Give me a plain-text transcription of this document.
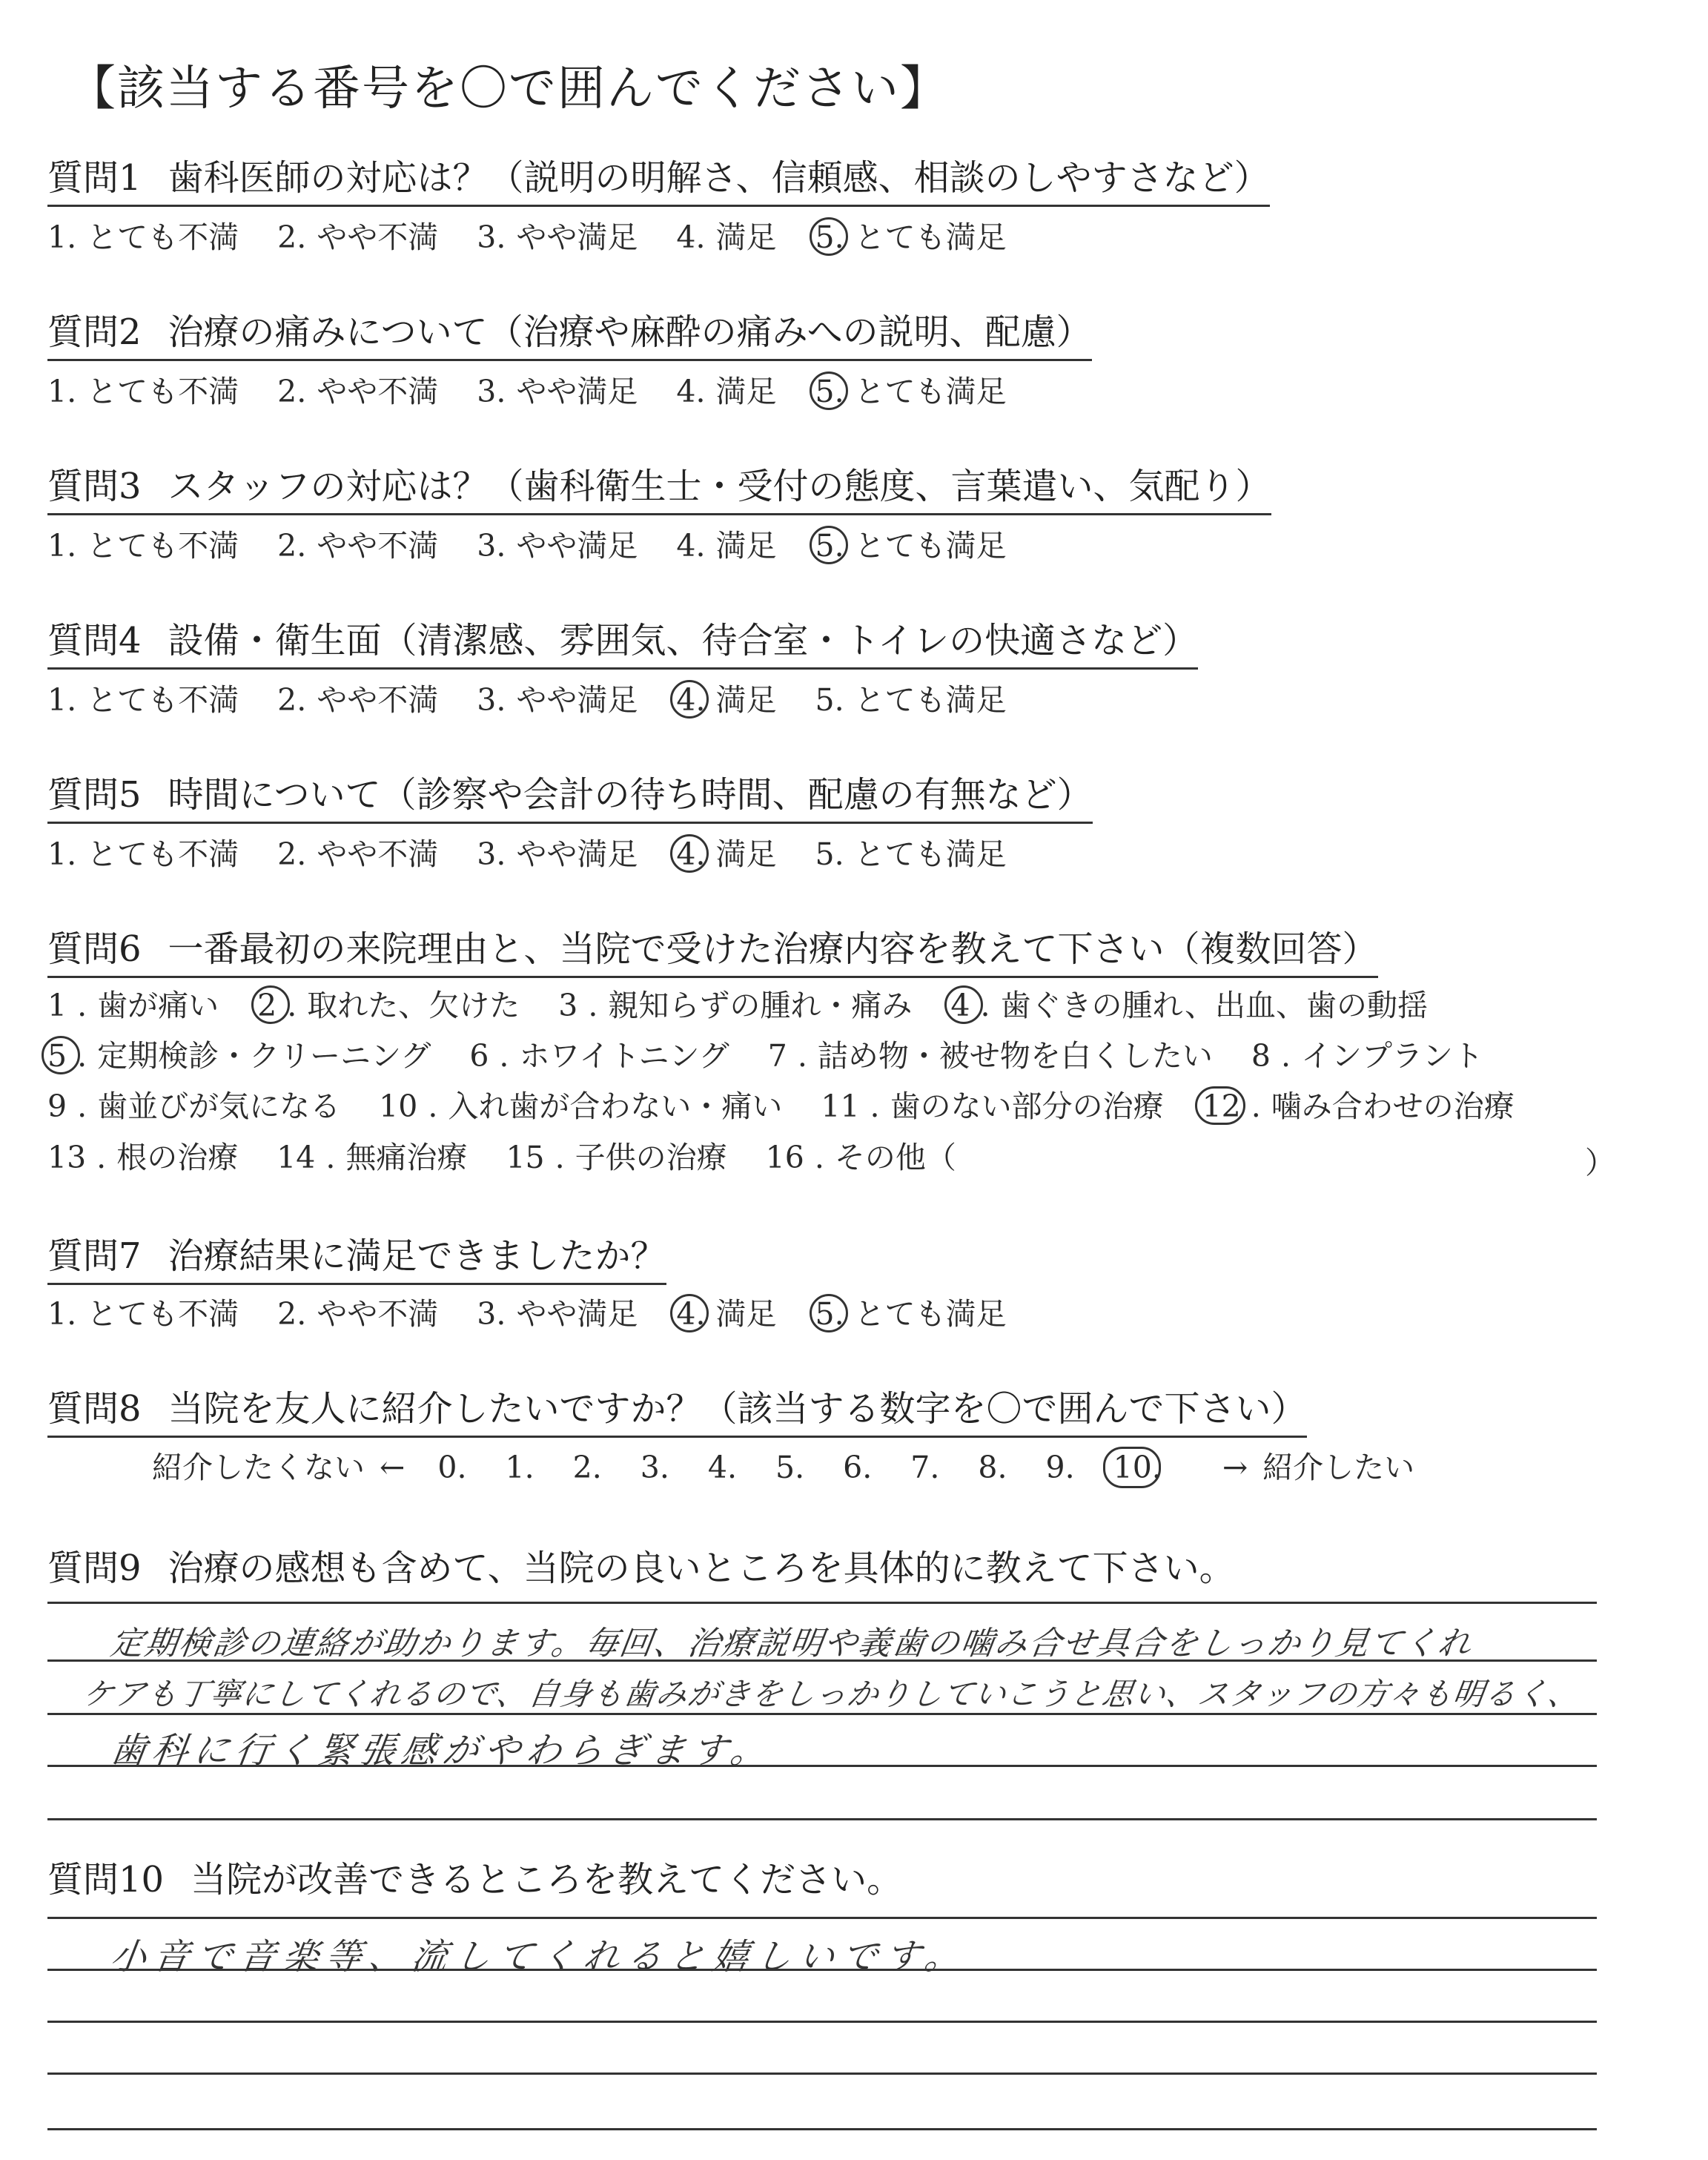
【該当する番号を〇で囲んでください】
質問1 歯科医師の対応は？（説明の明解さ、信頼感、相談のしやすさなど）
1. とても不満 2. やや不満 3. やや満足 4. 満足 5. とても満足
質問2 治療の痛みについて（治療や麻酔の痛みへの説明、配慮）
1. とても不満 2. やや不満 3. やや満足 4. 満足 5. とても満足
質問3 スタッフの対応は？（歯科衛生士・受付の態度、言葉遣い、気配り）
1. とても不満 2. やや不満 3. やや満足 4. 満足 5. とても満足
質問4 設備・衛生面（清潔感、雰囲気、待合室・トイレの快適さなど）
1. とても不満 2. やや不満 3. やや満足 4. 満足 5. とても満足
質問5 時間について（診察や会計の待ち時間、配慮の有無など）
1. とても不満 2. やや不満 3. やや満足 4. 満足 5. とても満足
質問6 一番最初の来院理由と、当院で受けた治療内容を教えて下さい（複数回答）
1 . 歯が痛い 2 . 取れた、欠けた 3 . 親知らずの腫れ・痛み 4 . 歯ぐきの腫れ、出血、歯の動揺
5 . 定期検診・クリーニング 6 . ホワイトニング 7 . 詰め物・被せ物を白くしたい 8 . インプラント
9 . 歯並びが気になる 10 . 入れ歯が合わない・痛い 11 . 歯のない部分の治療 12 . 噛み合わせの治療
13 . 根の治療 14 . 無痛治療 15 . 子供の治療 16 . その他（	）
質問7 治療結果に満足できましたか？
1. とても不満 2. やや不満 3. やや満足 4. 満足 5. とても満足
質問8 当院を友人に紹介したいですか？（該当する数字を〇で囲んで下さい）
紹介したくない ← 0. 1. 2. 3. 4. 5. 6. 7. 8. 9. 10. → 紹介したい
質問9 治療の感想も含めて、当院の良いところを具体的に教えて下さい。
定期検診の連絡が助かります。毎回、治療説明や義歯の噛み合せ具合をしっかり見てくれ
ケアも丁寧にしてくれるので、自身も歯みがきをしっかりしていこうと思い、スタッフの方々も明るく、
歯科に行く緊張感がやわらぎます。
質問10 当院が改善できるところを教えてください。
小音で音楽等、流してくれると嬉しいです。
